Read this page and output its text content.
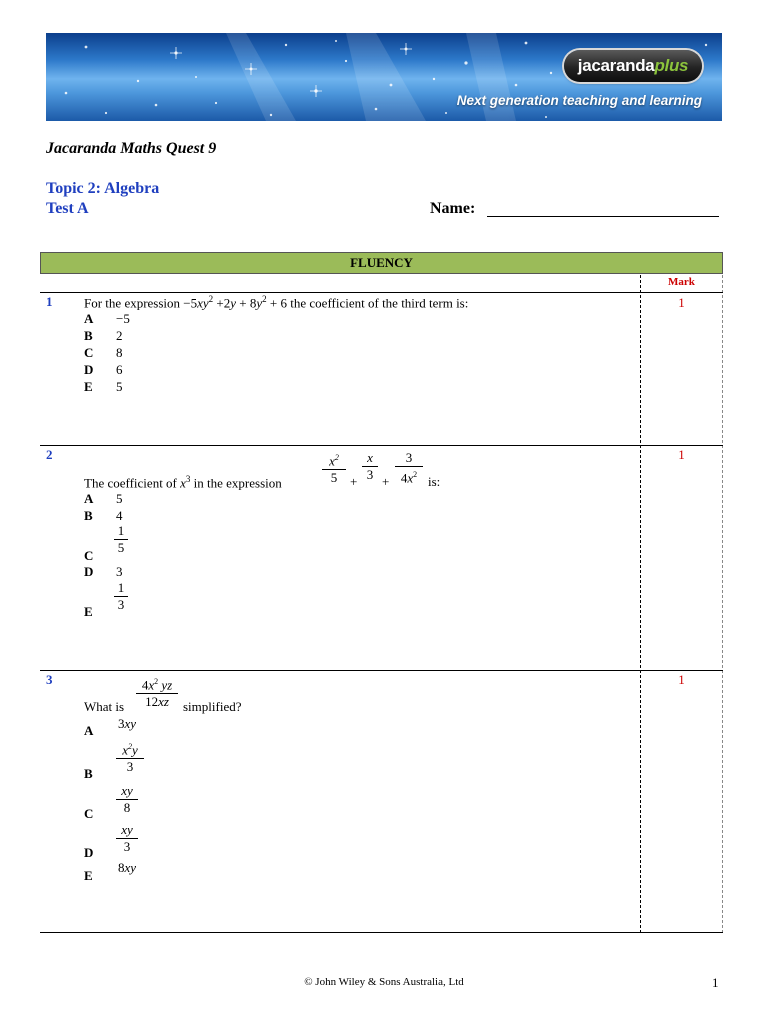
jacarandaplus
Next generation teaching and learning
Jacaranda Maths Quest 9
Topic 2: Algebra
Test A	Name:
FLUENCY
Mark
1	1
For the expression $-5xy^2 +2y + 8y^2 + 6$ the coefficient of the third term is:
A −5
B 2
C 8
D 6
E 5
2	1
The coefficient of $x^3$ in the expression
$x^2$
5 +
x
3 +
3
$4x^2$ is:
A 5
B 4
C
1
5
D 3
E
1
3
3	1
What is
$4x^2$ yz
12xz	simplified?
A 3xy
B
$x^2y$
3
C
xy
8
D
xy
3
E
8xy
© John Wiley & Sons Australia, Ltd	1
